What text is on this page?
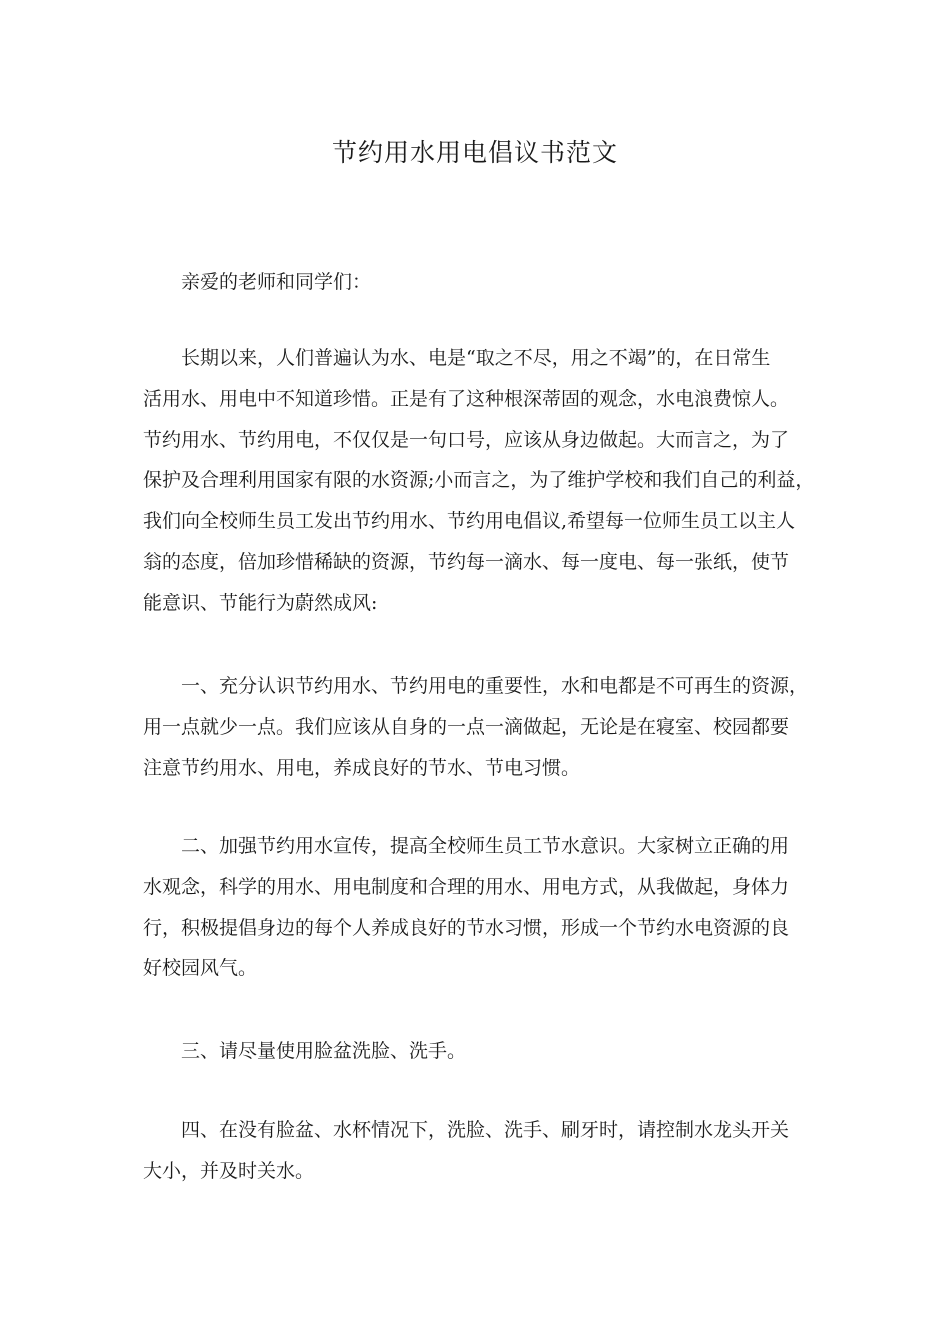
节约用水用电倡议书范文

亲爱的老师和同学们：

长期以来，人们普遍认为水、电是“取之不尽，用之不竭”的，在日常生
活用水、用电中不知道珍惜。正是有了这种根深蒂固的观念，水电浪费惊人。
节约用水、节约用电，不仅仅是一句口号，应该从身边做起。大而言之，为了
保护及合理利用国家有限的水资源;小而言之，为了维护学校和我们自己的利益，
我们向全校师生员工发出节约用水、节约用电倡议,希望每一位师生员工以主人
翁的态度，倍加珍惜稀缺的资源，节约每一滴水、每一度电、每一张纸，使节
能意识、节能行为蔚然成风:

一、充分认识节约用水、节约用电的重要性，水和电都是不可再生的资源，
用一点就少一点。我们应该从自身的一点一滴做起，无论是在寝室、校园都要
注意节约用水、用电，养成良好的节水、节电习惯。

二、加强节约用水宣传，提高全校师生员工节水意识。大家树立正确的用
水观念，科学的用水、用电制度和合理的用水、用电方式，从我做起，身体力
行，积极提倡身边的每个人养成良好的节水习惯，形成一个节约水电资源的良
好校园风气。

三、请尽量使用脸盆洗脸、洗手。

四、在没有脸盆、水杯情况下，洗脸、洗手、刷牙时，请控制水龙头开关
大小，并及时关水。
